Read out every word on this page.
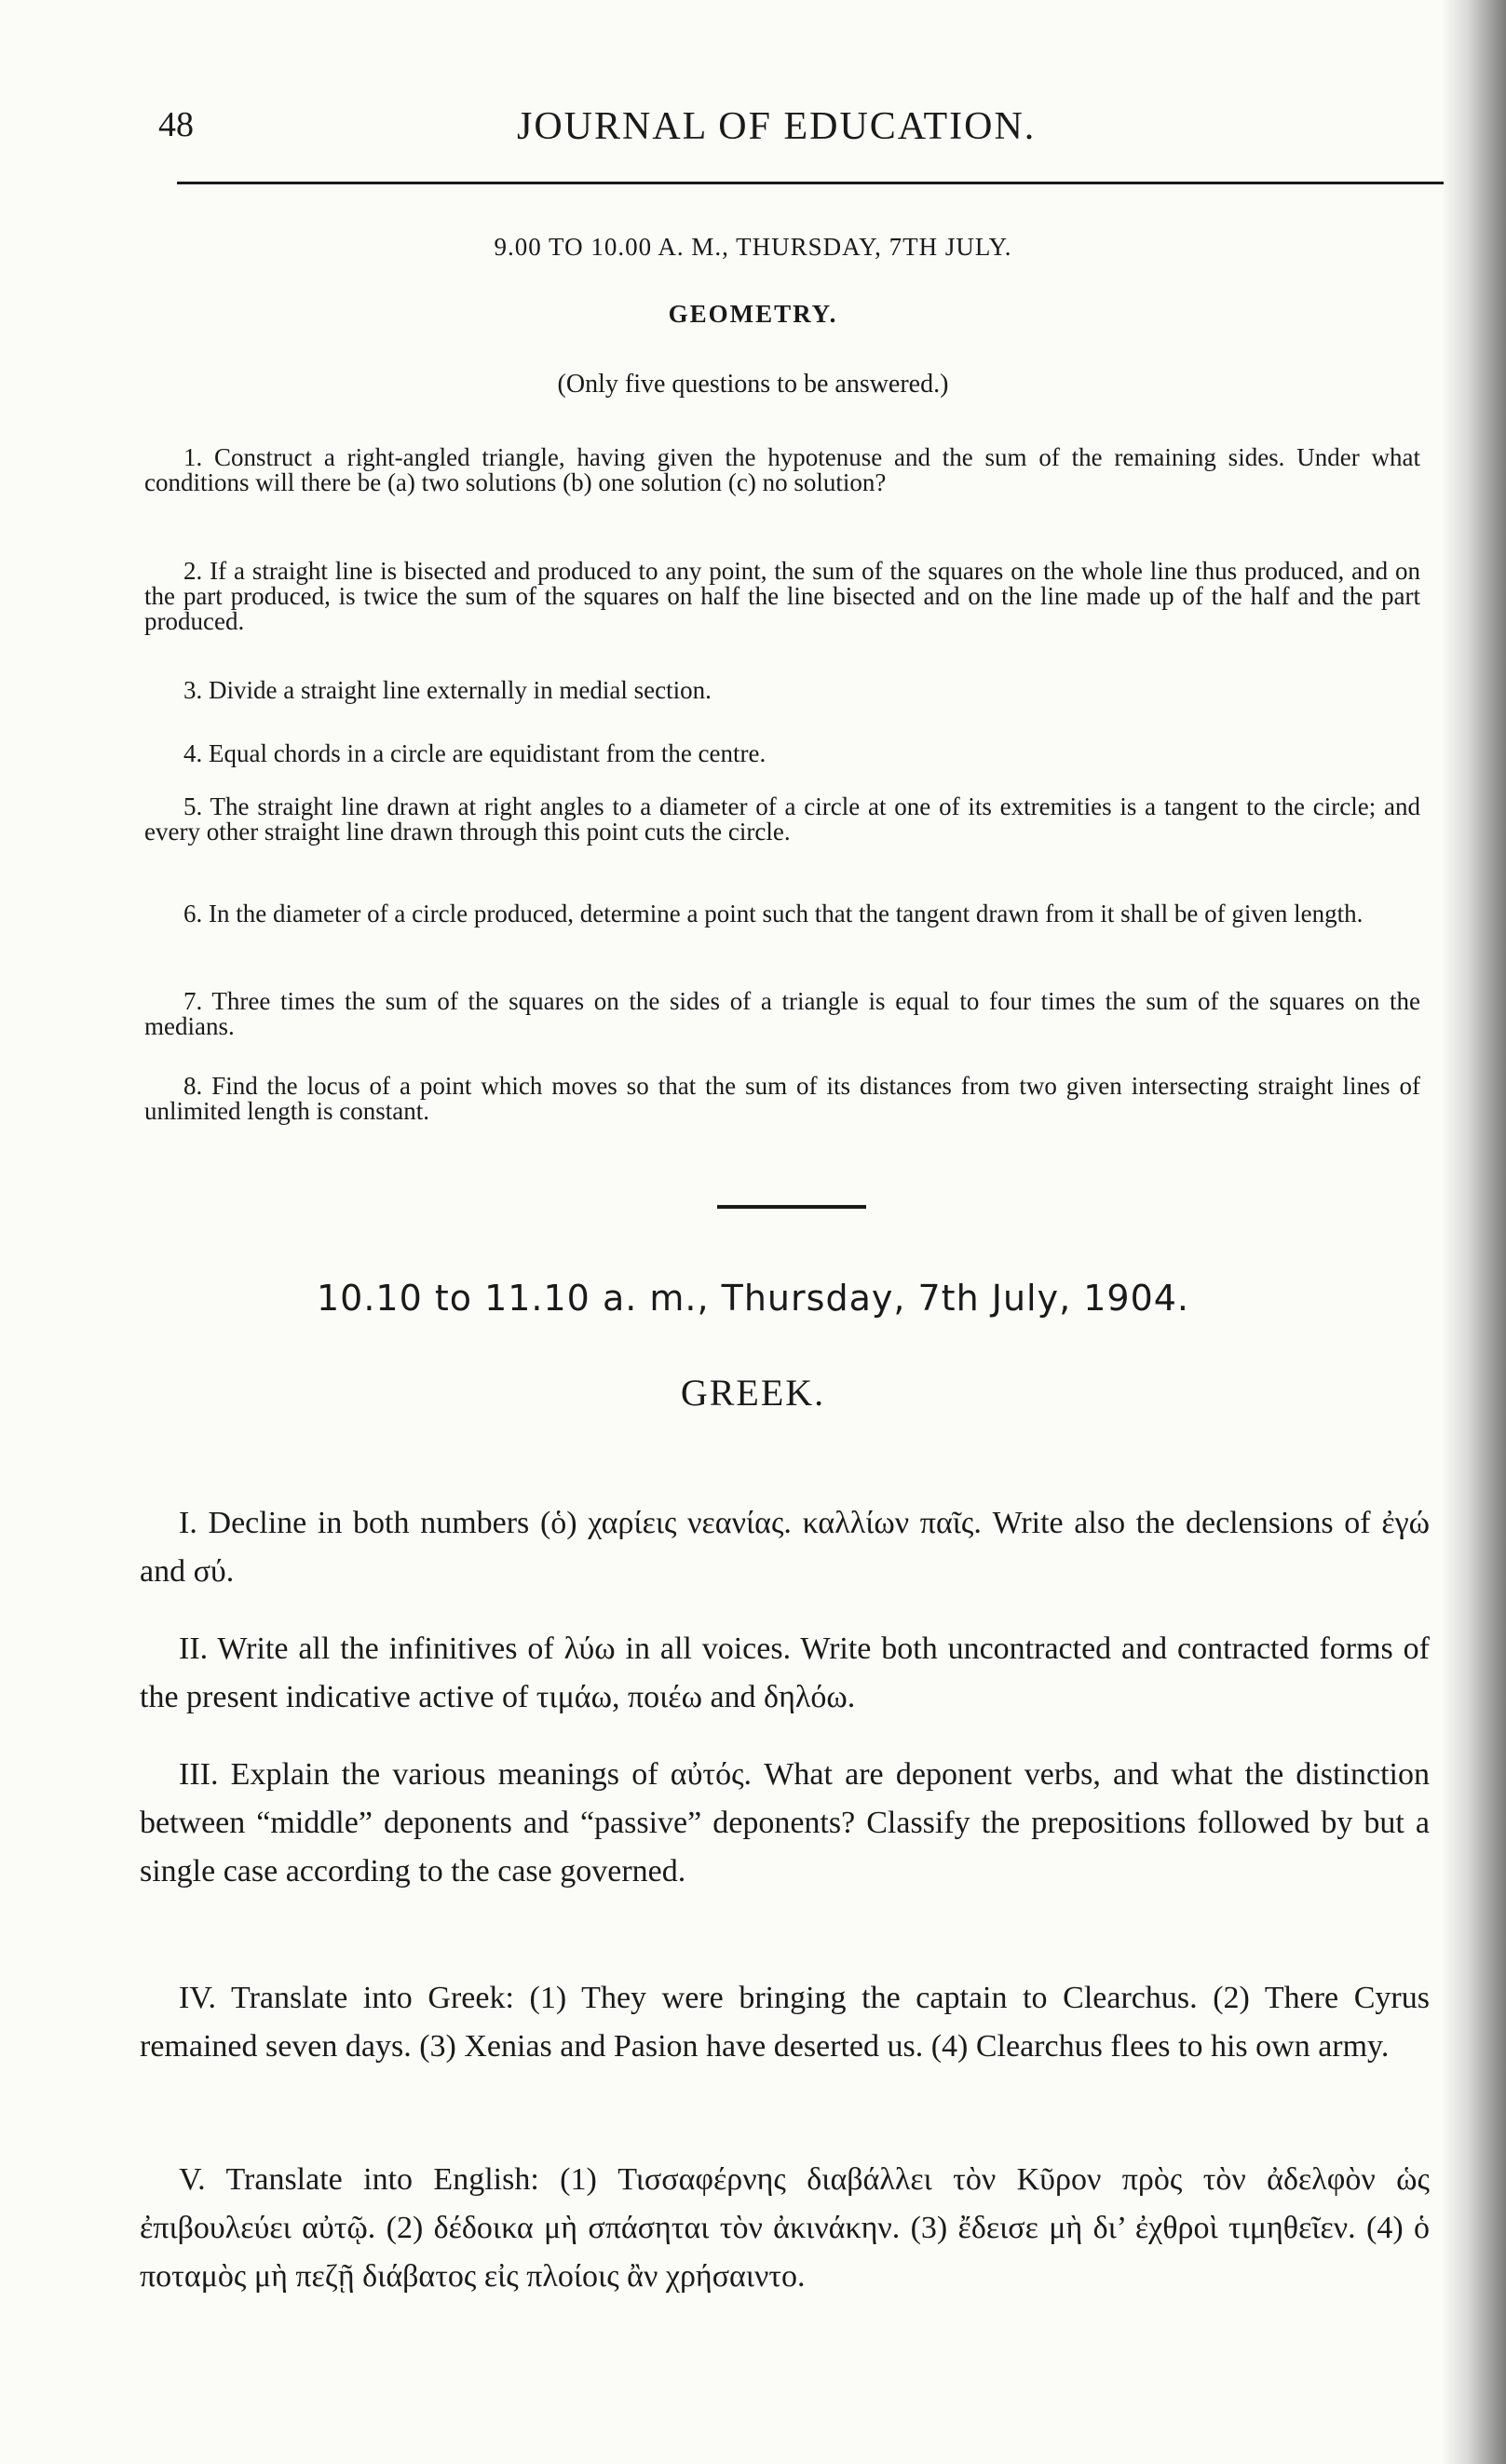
48	JOURNAL OF EDUCATION.
9.00 TO 10.00 A. M., THURSDAY, 7TH JULY.
GEOMETRY.
(Only five questions to be answered.)
1. Construct a right-angled triangle, having given the hypotenuse and the sum of the remaining sides. Under what conditions will there be (a) two solutions (b) one solution (c) no solution?
2. If a straight line is bisected and produced to any point, the sum of the squares on the whole line thus produced, and on the part produced, is twice the sum of the squares on half the line bisected and on the line made up of the half and the part produced.
3. Divide a straight line externally in medial section.
4. Equal chords in a circle are equidistant from the centre.
5. The straight line drawn at right angles to a diameter of a circle at one of its extremities is a tangent to the circle; and every other straight line drawn through this point cuts the circle.
6. In the diameter of a circle produced, determine a point such that the tangent drawn from it shall be of given length.
7. Three times the sum of the squares on the sides of a triangle is equal to four times the sum of the squares on the medians.
8. Find the locus of a point which moves so that the sum of its distances from two given intersecting straight lines of unlimited length is constant.
10.10 to 11.10 a. m., Thursday, 7th July, 1904.
GREEK.
I. Decline in both numbers (ὁ) χαρίεις νεανίας. καλλίων παῖς. Write also the declensions of ἐγώ and σύ.
II. Write all the infinitives of λύω in all voices. Write both uncontracted and contracted forms of the present indicative active of τιμάω, ποιέω and δηλόω.
III. Explain the various meanings of αὐτός. What are deponent verbs, and what the distinction between “middle” deponents and “passive” deponents? Classify the prepositions followed by but a single case according to the case governed.
IV. Translate into Greek: (1) They were bringing the captain to Clearchus. (2) There Cyrus remained seven days. (3) Xenias and Pasion have deserted us. (4) Clearchus flees to his own army.
V. Translate into English: (1) Τισσαφέρνης διαβάλλει τὸν Κῦρον πρὸς τὸν ἀδελφὸν ὡς ἐπιβουλεύει αὐτῷ. (2) δέδοικα μὴ σπάσηται τὸν ἀκινάκην. (3) ἔδεισε μὴ δι’ ἐχθροὶ τιμηθεῖεν. (4) ὁ ποταμὸς μὴ πεζῇ διάβατος εἰς πλοίοις ἂν χρήσαιντο.
